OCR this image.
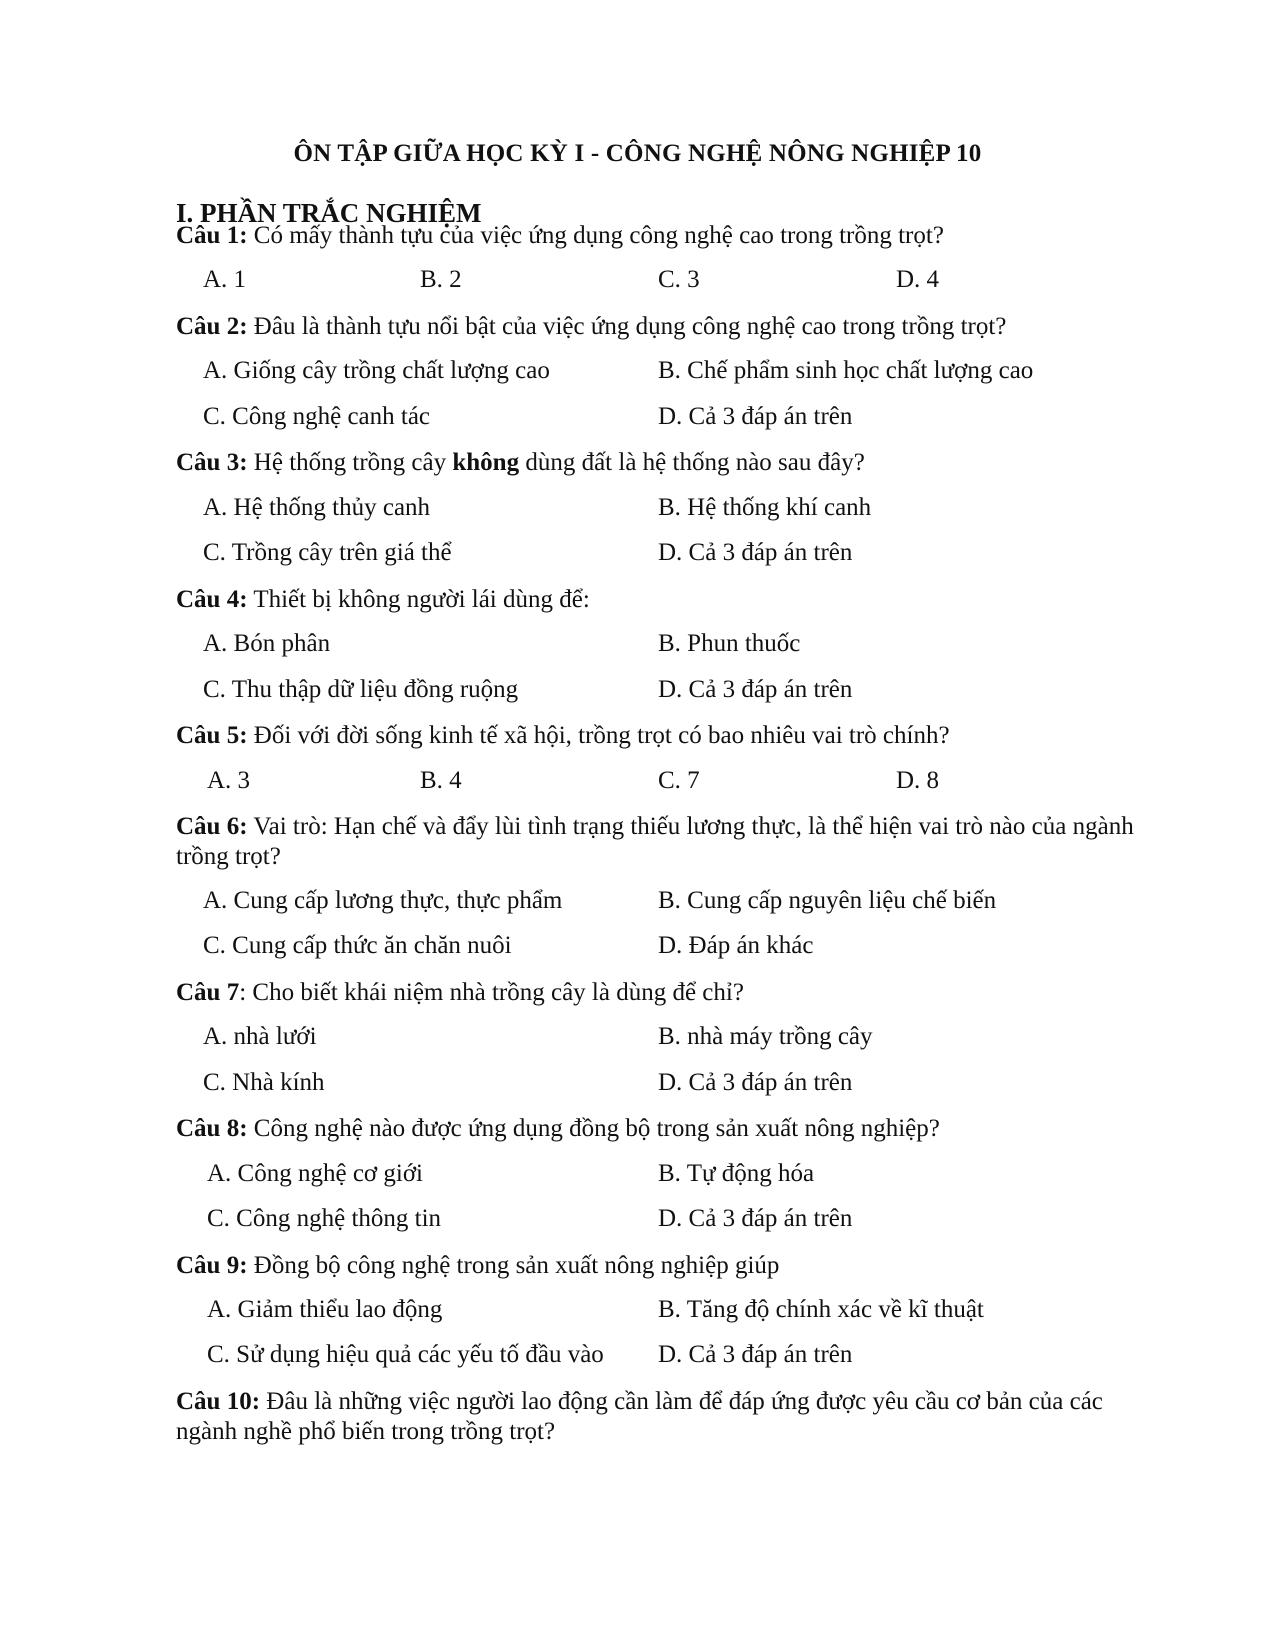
ÔN TẬP GIỮA HỌC KỲ I - CÔNG NGHỆ NÔNG NGHIỆP 10
I. PHẦN TRẮC NGHIỆM
Câu 1: Có mấy thành tựu của việc ứng dụng công nghệ cao trong trồng trọt?
A. 1	B. 2	C. 3	D. 4
Câu 2: Đâu là thành tựu nổi bật của việc ứng dụng công nghệ cao trong trồng trọt?
A. Giống cây trồng chất lượng cao	B. Chế phẩm sinh học chất lượng cao
C. Công nghệ canh tác	D. Cả 3 đáp án trên
Câu 3: Hệ thống trồng cây không dùng đất là hệ thống nào sau đây?
A. Hệ thống thủy canh	B. Hệ thống khí canh
C. Trồng cây trên giá thể	D. Cả 3 đáp án trên
Câu 4: Thiết bị không người lái dùng để:
A. Bón phân	B. Phun thuốc
C. Thu thập dữ liệu đồng ruộng	D. Cả 3 đáp án trên
Câu 5: Đối với đời sống kinh tế xã hội, trồng trọt có bao nhiêu vai trò chính?
A. 3	B. 4	C. 7	D. 8
Câu 6: Vai trò: Hạn chế và đẩy lùi tình trạng thiếu lương thực, là thể hiện vai trò nào của ngành trồng trọt?
A. Cung cấp lương thực, thực phẩm	B. Cung cấp nguyên liệu chế biến
C. Cung cấp thức ăn chăn nuôi	D. Đáp án khác
Câu 7: Cho biết khái niệm nhà trồng cây là dùng để chỉ?
A. nhà lưới	B. nhà máy trồng cây
C. Nhà kính	D. Cả 3 đáp án trên
Câu 8: Công nghệ nào được ứng dụng đồng bộ trong sản xuất nông nghiệp?
A. Công nghệ cơ giới	B. Tự động hóa
C. Công nghệ thông tin	D. Cả 3 đáp án trên
Câu 9: Đồng bộ công nghệ trong sản xuất nông nghiệp giúp
A. Giảm thiểu lao động	B. Tăng độ chính xác về kĩ thuật
C. Sử dụng hiệu quả các yếu tố đầu vào D. Cả 3 đáp án trên
Câu 10: Đâu là những việc người lao động cần làm để đáp ứng được yêu cầu cơ bản của các ngành nghề phổ biến trong trồng trọt?
